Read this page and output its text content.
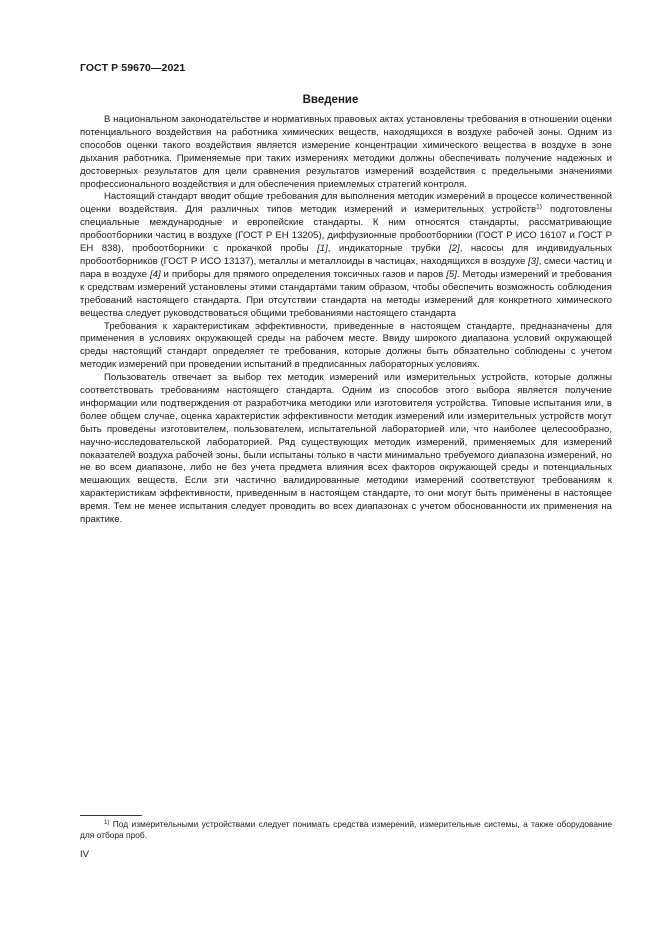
ГОСТ Р 59670—2021
Введение

В национальном законодательстве и нормативных правовых актах установлены требования в отношении оценки потенциального воздействия на работника химических веществ, находящихся в воздухе рабочей зоны. Одним из способов оценки такого воздействия является измерение концентрации химического вещества в воздухе в зоне дыхания работника. Применяемые при таких измерениях методики должны обеспечивать получение надежных и достоверных результатов для цели сравнения результатов измерений воздействия с предельными значениями профессионального воздействия и для обеспечения приемлемых стратегий контроля.

Настоящий стандарт вводит общие требования для выполнения методик измерений в процессе количественной оценки воздействия. Для различных типов методик измерений и измерительных устройств$^{1)}$ подготовлены специальные международные и европейские стандарты. К ним относятся стандарты, рассматривающие пробоотборники частиц в воздухе (ГОСТ Р ЕН 13205), диффузионные пробоотборники (ГОСТ Р ИСО 16107 и ГОСТ Р ЕН 838), пробоотборники с прокачкой пробы [1], индикаторные трубки [2], насосы для индивидуальных пробоотборников (ГОСТ Р ИСО 13137), металлы и металлоиды в частицах, находящихся в воздухе [3], смеси частиц и пара в воздухе [4] и приборы для прямого определения токсичных газов и паров [5]. Методы измерений и требования к средствам измерений установлены этими стандартами таким образом, чтобы обеспечить возможность соблюдения требований настоящего стандарта. При отсутствии стандарта на методы измерений для конкретного химического вещества следует руководствоваться общими требованиями настоящего стандарта

Требования к характеристикам эффективности, приведенные в настоящем стандарте, предназначены для применения в условиях окружающей среды на рабочем месте. Ввиду широкого диапазона условий окружающей среды настоящий стандарт определяет те требования, которые должны быть обязательно соблюдены с учетом методик измерений при проведении испытаний в предписанных лабораторных условиях.

Пользователь отвечает за выбор тех методик измерений или измерительных устройств, которые должны соответствовать требованиям настоящего стандарта. Одним из способов этого выбора является получение информации или подтверждения от разработчика методики или изготовителя устройства. Типовые испытания или, в более общем случае, оценка характеристик эффективности методик измерений или измерительных устройств могут быть проведены изготовителем, пользователем, испытательной лабораторией или, что наиболее целесообразно, научно-исследовательской лабораторией. Ряд существующих методик измерений, применяемых для измерений показателей воздуха рабочей зоны, были испытаны только в части минимально требуемого диапазона измерений, но не во всем диапазоне, либо не без учета предмета влияния всех факторов окружающей среды и потенциальных мешающих веществ. Если эти частично валидированные методики измерений соответствуют требованиям к характеристикам эффективности, приведенным в настоящем стандарте, то они могут быть применены в настоящее время. Тем не менее испытания следует проводить во всех диапазонах с учетом обоснованности их применения на практике.

$^{1)}$ Под измерительными устройствами следует понимать средства измерений, измерительные системы, а также оборудование для отбора проб.

IV
